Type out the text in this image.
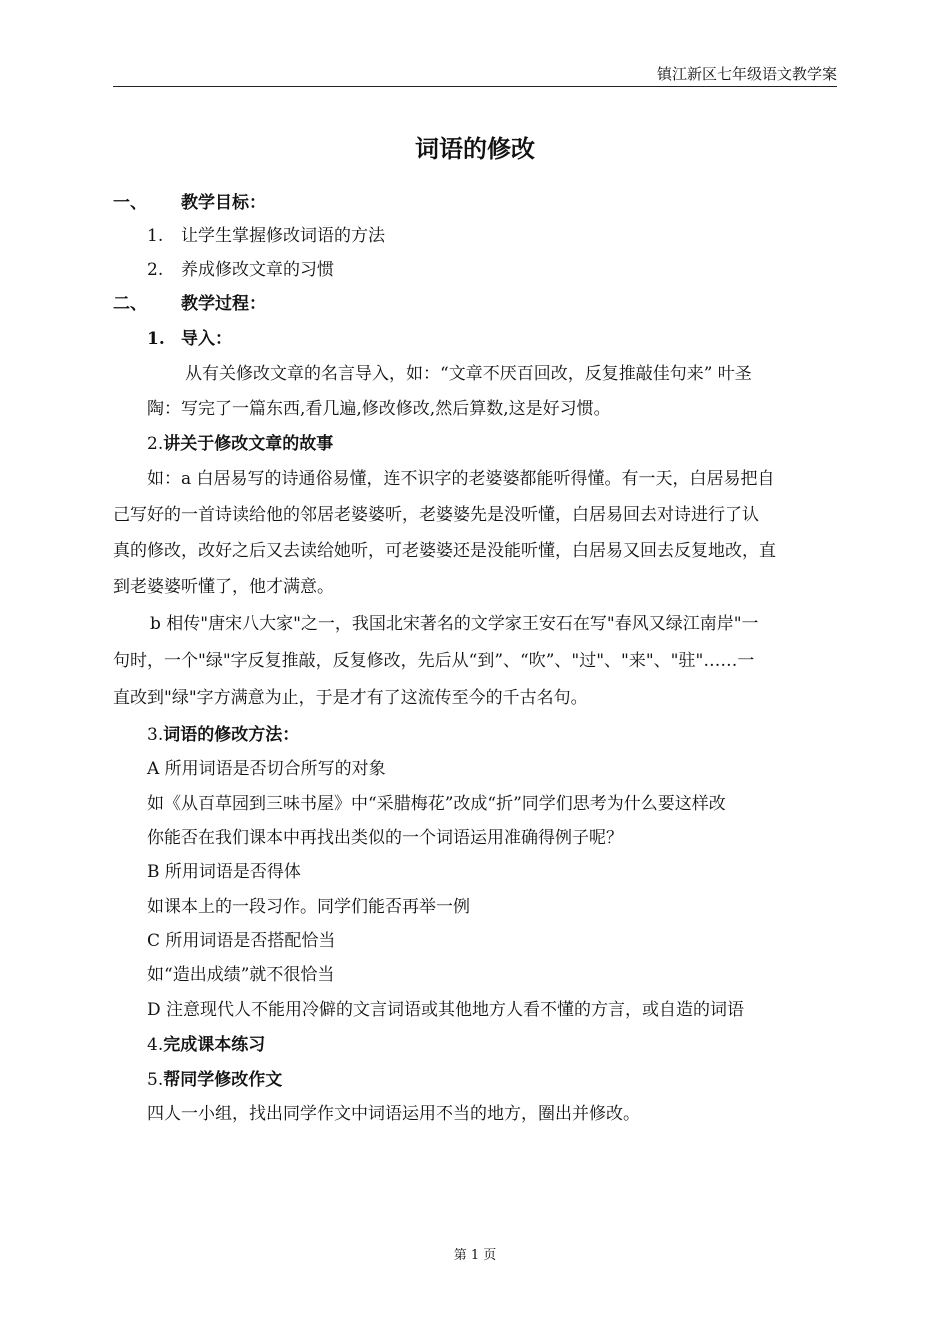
镇江新区七年级语文教学案
词语的修改
一、 教学目标：
1. 让学生掌握修改词语的方法
2. 养成修改文章的习惯
二、 教学过程：
1. 导入：
从有关修改文章的名言导入，如：“文章不厌百回改，反复推敲佳句来” 叶圣
陶：写完了一篇东西,看几遍,修改修改,然后算数,这是好习惯。
2.讲关于修改文章的故事
如：a 白居易写的诗通俗易懂，连不识字的老婆婆都能听得懂。有一天，白居易把自
己写好的一首诗读给他的邻居老婆婆听，老婆婆先是没听懂，白居易回去对诗进行了认
真的修改，改好之后又去读给她听，可老婆婆还是没能听懂，白居易又回去反复地改，直
到老婆婆听懂了，他才满意。
b 相传"唐宋八大家"之一，我国北宋著名的文学家王安石在写"春风又绿江南岸"一
句时，一个"绿"字反复推敲，反复修改，先后从“到”、“吹”、"过"、"来"、"驻"……一
直改到"绿"字方满意为止，于是才有了这流传至今的千古名句。
3.词语的修改方法：
A 所用词语是否切合所写的对象
如《从百草园到三味书屋》中“采腊梅花”改成“折”同学们思考为什么要这样改
你能否在我们课本中再找出类似的一个词语运用准确得例子呢？
B 所用词语是否得体
如课本上的一段习作。同学们能否再举一例
C 所用词语是否搭配恰当
如“造出成绩”就不很恰当
D 注意现代人不能用冷僻的文言词语或其他地方人看不懂的方言，或自造的词语
4.完成课本练习
5.帮同学修改作文
四人一小组，找出同学作文中词语运用不当的地方，圈出并修改。
第 1 页
